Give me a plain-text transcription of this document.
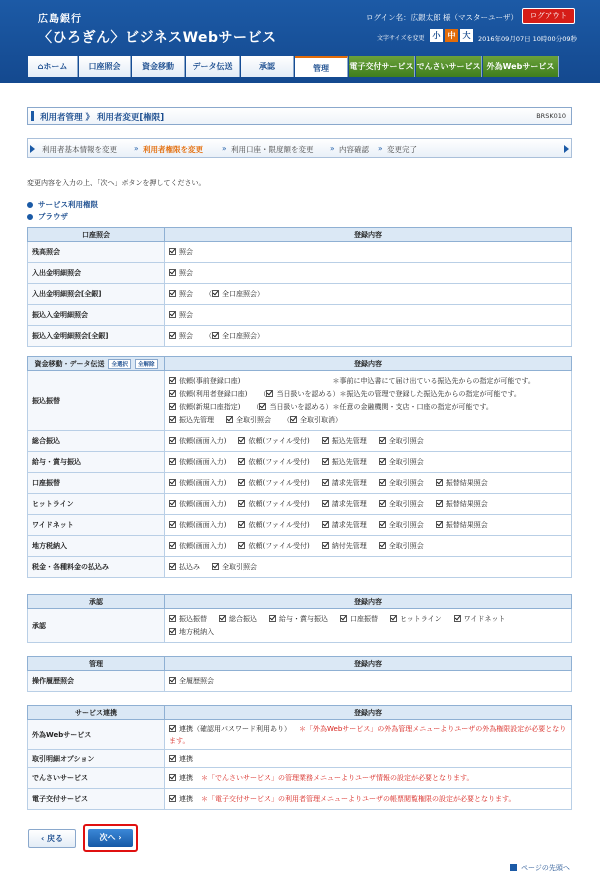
広島銀行
〈ひろぎん〉ビジネスWebサービス
ログイン名：広銀太郎 様（マスターユーザ）	ログアウト
文字サイズを変更 小 中 大	2016年09月07日 10時00分09秒
⌂ホーム	口座照会	資金移動	データ伝送	承認	管理	電子交付サービス でんさいサービス 外為Webサービス
利用者管理 》 利用者変更[権限]	BRSK010
利用者基本情報を変更 » 利用者権限を変更	» 利用口座・限度額を変更 » 内容確認 » 変更完了
変更内容を入力の上、「次へ」ボタンを押してください。
サービス利用権限
ブラウザ
口座照会	登録内容
残高照会	照会
入出金明細照会	照会
入出金明細照会[全銀]	照会 （ 全口座照会）
振込入金明細照会	照会
振込入金明細照会[全銀]	照会 （ 全口座照会）
資金移動・データ伝送 全選択 全解除	登録内容
振込振替	依頼(事前登録口座) ＊事前に申込書にて届け出ている振込先からの指定が可能です。
依頼(利用者登録口座) （ 当日扱いを認める）＊振込先の管理で登録した振込先からの指定が可能です。
依頼(新規口座指定) （ 当日扱いを認める）＊任意の金融機関・支店・口座の指定が可能です。
振込先管理 全取引照会 （ 全取引取消）

総合振込	依頼(画面入力) 依頼(ファイル受付) 振込先管理 全取引照会
給与・賞与振込	依頼(画面入力) 依頼(ファイル受付) 振込先管理 全取引照会
口座振替	依頼(画面入力) 依頼(ファイル受付) 請求先管理 全取引照会 振替結果照会
ヒットライン	依頼(画面入力) 依頼(ファイル受付) 請求先管理 全取引照会 振替結果照会
ワイドネット	依頼(画面入力) 依頼(ファイル受付) 請求先管理 全取引照会 振替結果照会
地方税納入	依頼(画面入力) 依頼(ファイル受付) 納付先管理 全取引照会
税金・各種料金の払込み	払込み 全取引照会
承認	登録内容
承認	振込振替 総合振込 給与・賞与振込 口座振替 ヒットライン ワイドネット
地方税納入
管理	登録内容
操作履歴照会	全履歴照会
サービス連携	登録内容
外為Webサービス	連携（確認用パスワード利用あり） ＊「外為Webサービス」の外為管理メニューよりユーザの外為権限設定が必要となります。
取引明細オプション	連携
でんさいサービス	連携 ＊「でんさいサービス」の管理業務メニューよりユーザ情報の設定が必要となります。
電子交付サービス	連携 ＊「電子交付サービス」の利用者管理メニューよりユーザの帳票閲覧権限の設定が必要となります。
‹ 戻る	次へ ›
ページの先頭へ
